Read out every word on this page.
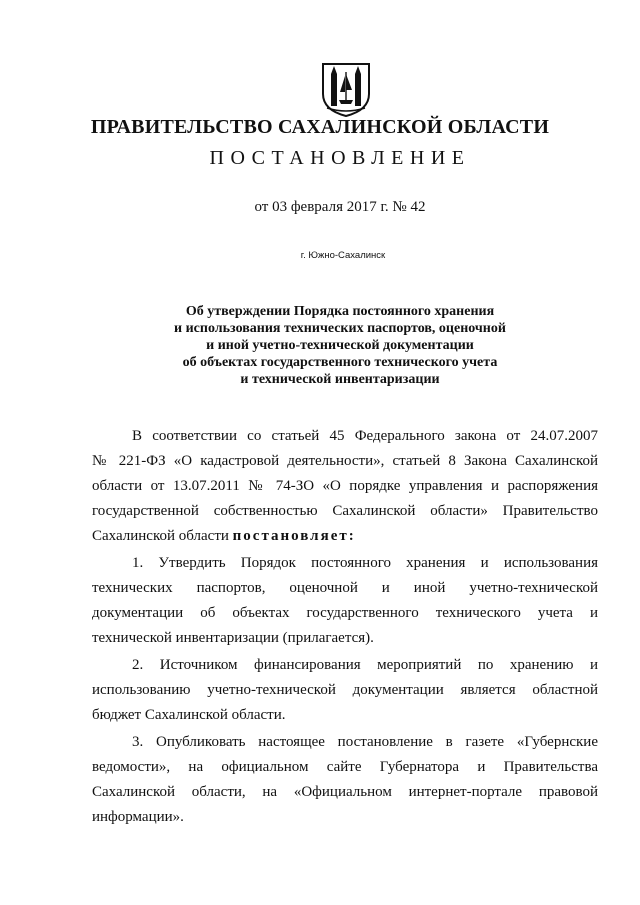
ПРАВИТЕЛЬСТВО САХАЛИНСКОЙ ОБЛАСТИ
ПОСТАНОВЛЕНИЕ
от 03 февраля 2017 г. № 42
г. Южно-Сахалинск
Об утверждении Порядка постоянного хранения
и использования технических паспортов, оценочной
и иной учетно-технической документации
об объектах государственного технического учета
и технической инвентаризации
В соответствии со статьей 45 Федерального закона от 24.07.2007
№ 221-ФЗ «О кадастровой деятельности», статьей 8 Закона Сахалинской
области от 13.07.2011 № 74-ЗО «О порядке управления и распоряжения
государственной собственностью Сахалинской области» Правительство
Сахалинской области постановляет:
1. Утвердить Порядок постоянного хранения и использования
технических паспортов, оценочной и иной учетно-технической
документации об объектах государственного технического учета и
технической инвентаризации (прилагается).
2. Источником финансирования мероприятий по хранению и
использованию учетно-технической документации является областной
бюджет Сахалинской области.
3. Опубликовать настоящее постановление в газете «Губернские
ведомости», на официальном сайте Губернатора и Правительства
Сахалинской области, на «Официальном интернет-портале правовой
информации».
